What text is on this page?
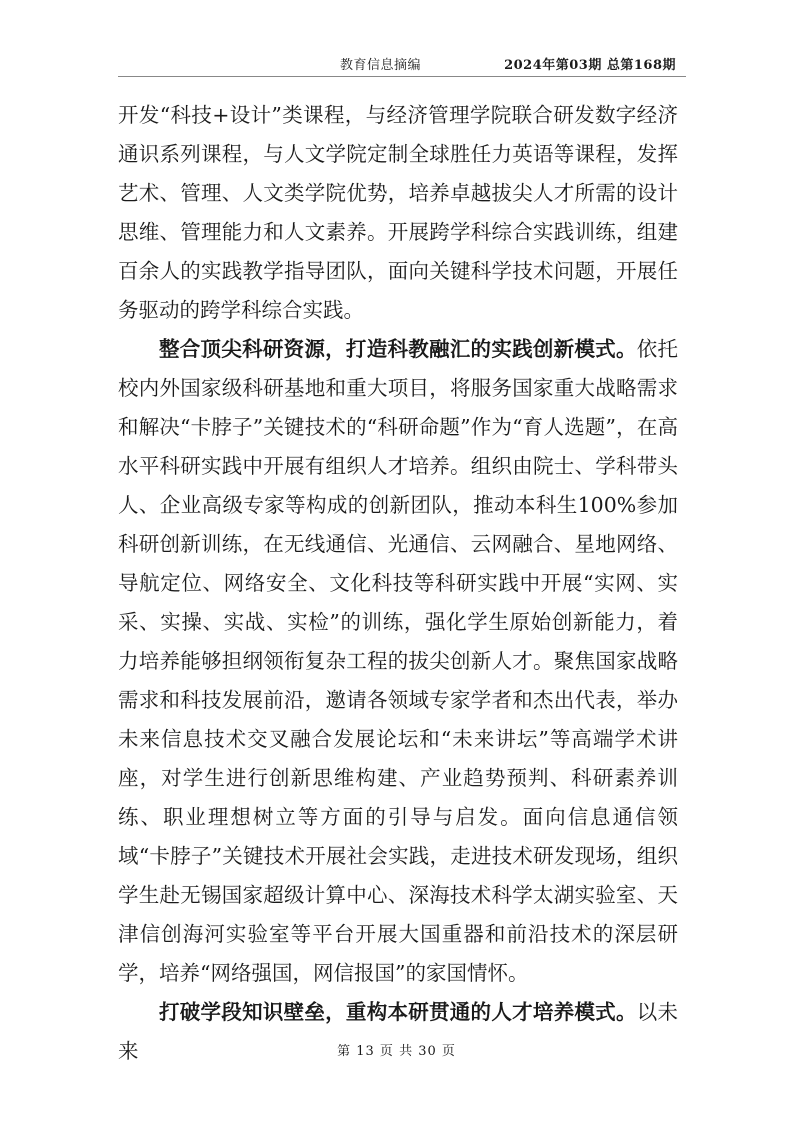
教育信息摘编	2024年第03期 总第168期

开发“科技+设计”类课程，与经济管理学院联合研发数字经济通识系列课程，与人文学院定制全球胜任力英语等课程，发挥艺术、管理、人文类学院优势，培养卓越拔尖人才所需的设计思维、管理能力和人文素养。开展跨学科综合实践训练，组建百余人的实践教学指导团队，面向关键科学技术问题，开展任务驱动的跨学科综合实践。

整合顶尖科研资源，打造科教融汇的实践创新模式。依托校内外国家级科研基地和重大项目，将服务国家重大战略需求和解决“卡脖子”关键技术的“科研命题”作为“育人选题”，在高水平科研实践中开展有组织人才培养。组织由院士、学科带头人、企业高级专家等构成的创新团队，推动本科生100%参加科研创新训练，在无线通信、光通信、云网融合、星地网络、导航定位、网络安全、文化科技等科研实践中开展“实网、实采、实操、实战、实检”的训练，强化学生原始创新能力，着力培养能够担纲领衔复杂工程的拔尖创新人才。聚焦国家战略需求和科技发展前沿，邀请各领域专家学者和杰出代表，举办未来信息技术交叉融合发展论坛和“未来讲坛”等高端学术讲座，对学生进行创新思维构建、产业趋势预判、科研素养训练、职业理想树立等方面的引导与启发。面向信息通信领域“卡脖子”关键技术开展社会实践，走进技术研发现场，组织学生赴无锡国家超级计算中心、深海技术科学太湖实验室、天津信创海河实验室等平台开展大国重器和前沿技术的深层研学，培养“网络强国，网信报国”的家国情怀。

打破学段知识壁垒，重构本研贯通的人才培养模式。以未来	第 13 页 共 30 页
